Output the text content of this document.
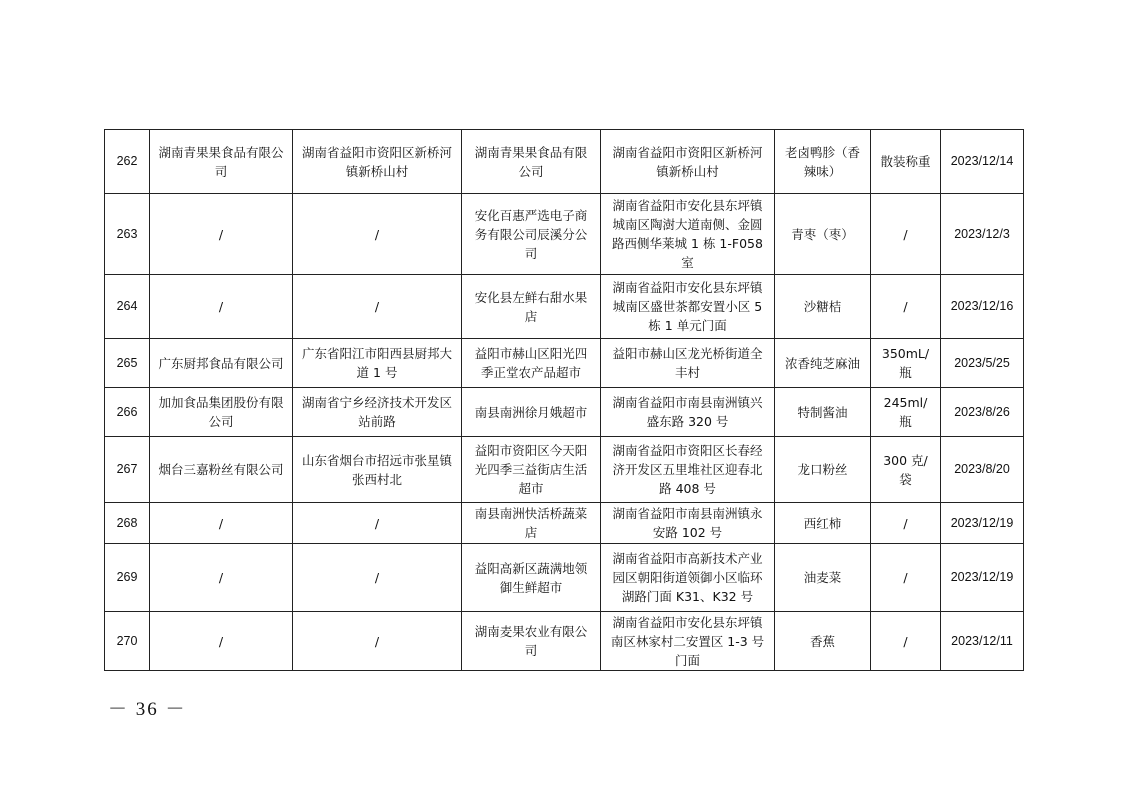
262	湖南青果果食品有限公司	湖南省益阳市资阳区新桥河镇新桥山村	湖南青果果食品有限公司	湖南省益阳市资阳区新桥河镇新桥山村	老卤鸭胗（香辣味）	散装称重	2023/12/14
263	/	/	安化百惠严选电子商务有限公司辰溪分公司	湖南省益阳市安化县东坪镇城南区陶澍大道南侧、金圆路西侧华莱城 1 栋 1-F058 室	青枣（枣）	/	2023/12/3
264	/	/	安化县左鲜右甜水果店	湖南省益阳市安化县东坪镇城南区盛世茶都安置小区 5 栋 1 单元门面	沙糖桔	/	2023/12/16
265	广东厨邦食品有限公司	广东省阳江市阳西县厨邦大道 1 号	益阳市赫山区阳光四季正堂农产品超市	益阳市赫山区龙光桥街道全丰村	浓香纯芝麻油	350mL/瓶	2023/5/25
266	加加食品集团股份有限公司	湖南省宁乡经济技术开发区站前路	南县南洲徐月娥超市	湖南省益阳市南县南洲镇兴盛东路 320 号	特制酱油	245ml/瓶	2023/8/26
267	烟台三嘉粉丝有限公司	山东省烟台市招远市张星镇张西村北	益阳市资阳区今天阳光四季三益街店生活超市	湖南省益阳市资阳区长春经济开发区五里堆社区迎春北路 408 号	龙口粉丝	300 克/袋	2023/8/20
268	/	/	南县南洲快活桥蔬菜店	湖南省益阳市南县南洲镇永安路 102 号	西红柿	/	2023/12/19
269	/	/	益阳高新区蔬满地领御生鲜超市	湖南省益阳市高新技术产业园区朝阳街道领御小区临环湖路门面 K31、K32 号	油麦菜	/	2023/12/19
270	/	/	湖南麦果农业有限公司	湖南省益阳市安化县东坪镇南区林家村二安置区 1-3 号门面	香蕉	/	2023/12/11
－ 36 －
